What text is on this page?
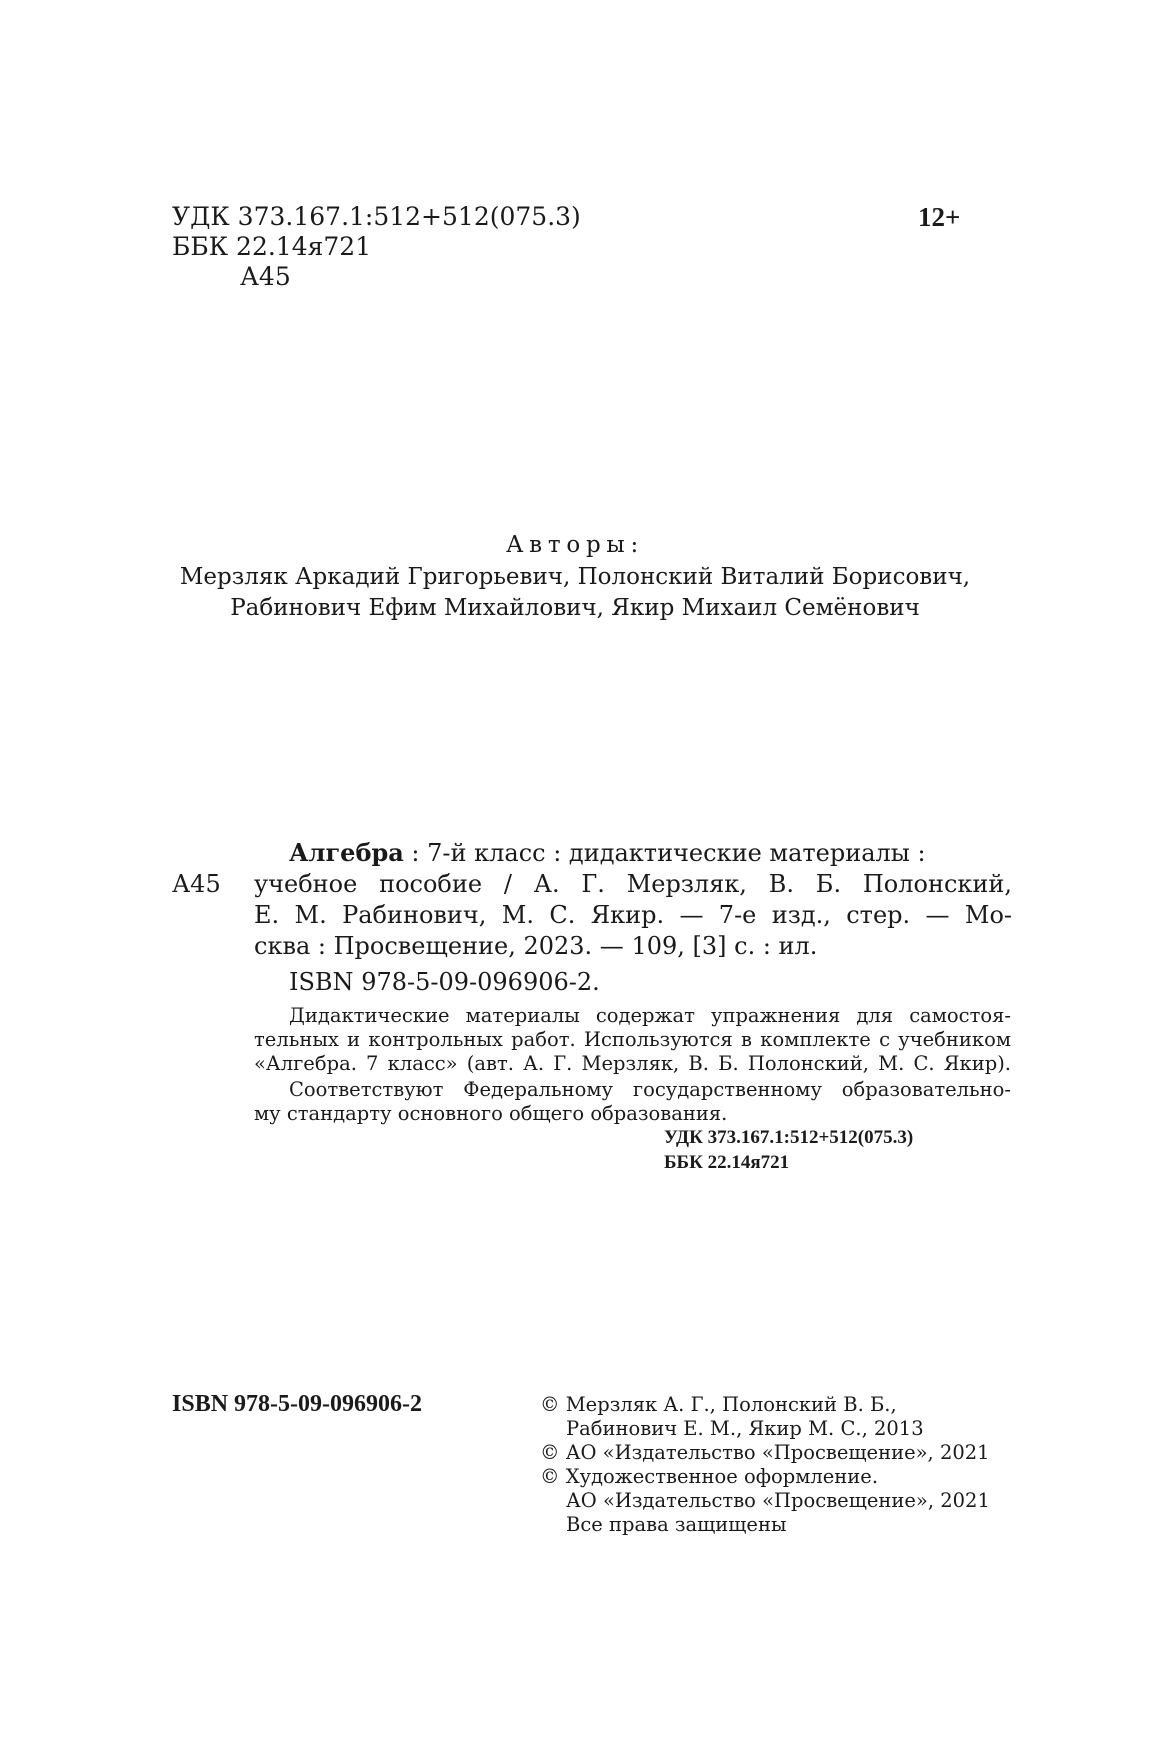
УДК 373.167.1:512+512(075.3)
ББК 22.14я721
А45
12+
Авторы:
Мерзляк Аркадий Григорьевич, Полонский Виталий Борисович,
Рабинович Ефим Михайлович, Якир Михаил Семёнович
А45
Алгебра : 7-й класс : дидактические материалы :
учебное пособие / А. Г. Мерзляк, В. Б. Полонский,
Е. М. Рабинович, М. С. Якир. — 7-е изд., стер. — Мо-
сква : Просвещение, 2023. — 109, [3] с. : ил.
ISBN 978-5-09-096906-2.
Дидактические материалы содержат упражнения для самостоя-
тельных и контрольных работ. Используются в комплекте с учебником
«Алгебра. 7 класс» (авт. А. Г. Мерзляк, В. Б. Полонский, М. С. Якир).
Соответствуют Федеральному государственному образовательно-
му стандарту основного общего образования.
УДК 373.167.1:512+512(075.3)
ББК 22.14я721
ISBN 978-5-09-096906-2	© Мерзляк А. Г., Полонский В. Б.,
Рабинович Е. М., Якир М. С., 2013
© АО «Издательство «Просвещение», 2021
© Художественное оформление.
АО «Издательство «Просвещение», 2021
Все права защищены
